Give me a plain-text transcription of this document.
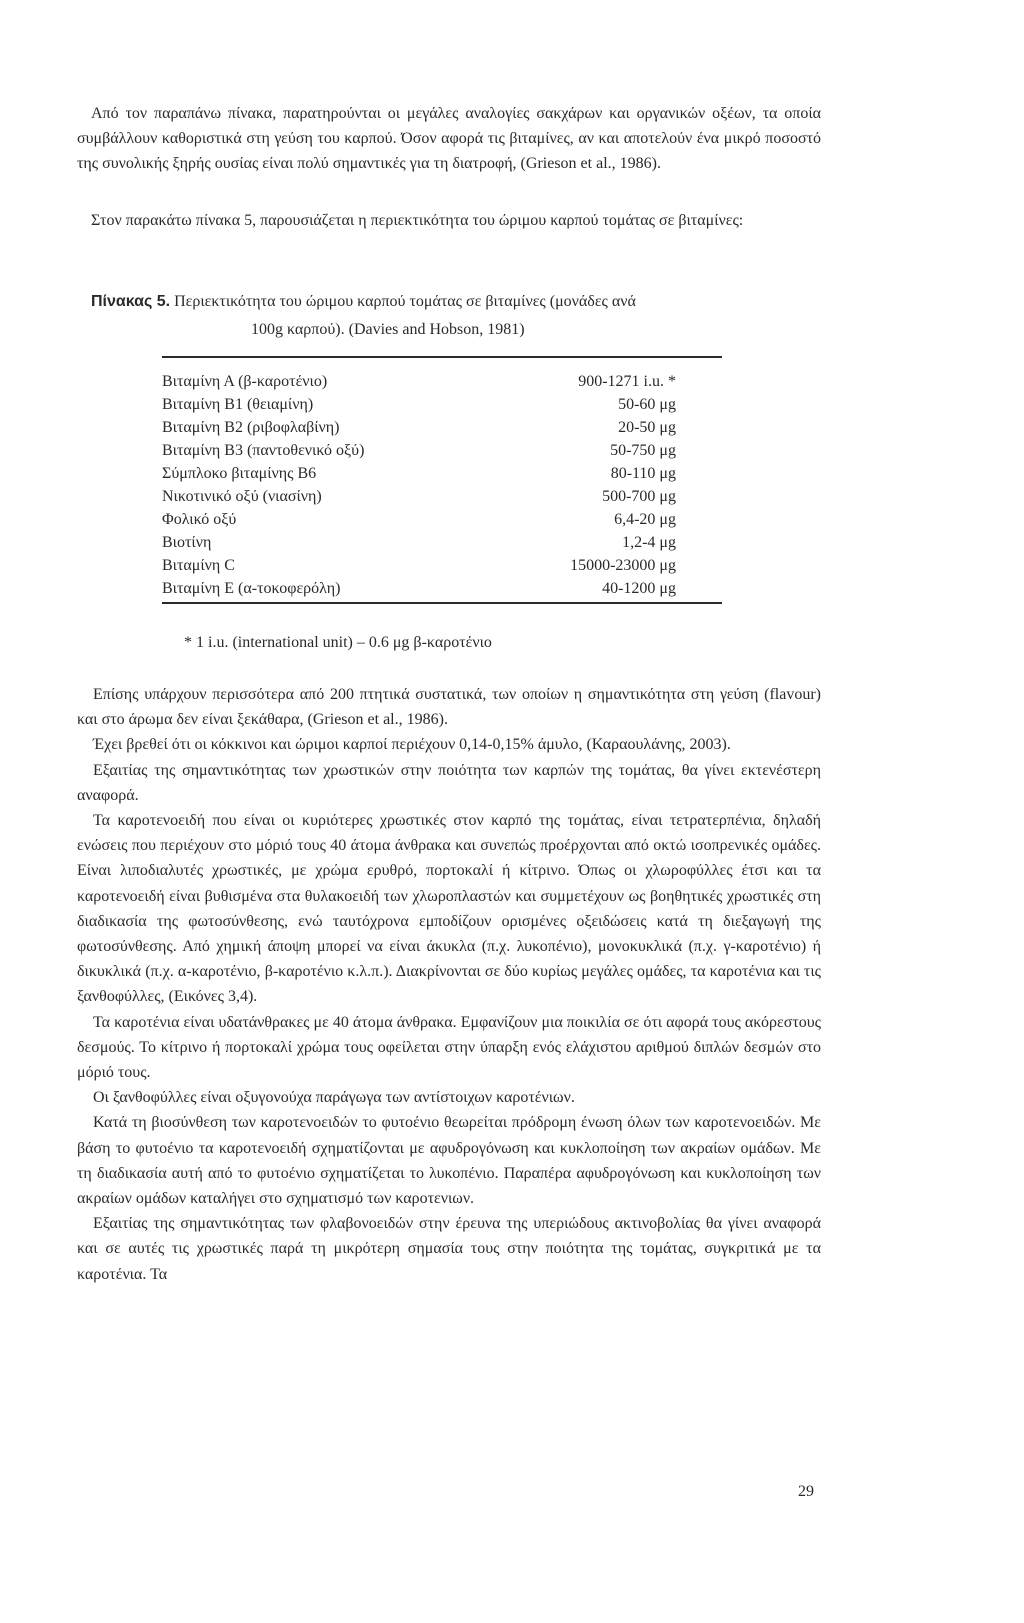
Από τον παραπάνω πίνακα, παρατηρούνται οι μεγάλες αναλογίες σακχάρων και οργανικών οξέων, τα οποία συμβάλλουν καθοριστικά στη γεύση του καρπού. Όσον αφορά τις βιταμίνες, αν και αποτελούν ένα μικρό ποσοστό της συνολικής ξηρής ουσίας είναι πολύ σημαντικές για τη διατροφή, (Grieson et al., 1986).

Στον παρακάτω πίνακα 5, παρουσιάζεται η περιεκτικότητα του ώριμου καρπού τομάτας σε βιταμίνες:

Πίνακας 5. Περιεκτικότητα του ώριμου καρπού τομάτας σε βιταμίνες (μονάδες ανά
100g καρπού). (Davies and Hobson, 1981)

Βιταμίνη Α (β-καροτένιο)	900-1271 i.u. *
Βιταμίνη Β1 (θειαμίνη)	50-60 μg
Βιταμίνη Β2 (ριβοφλαβίνη)	20-50 μg
Βιταμίνη Β3 (παντοθενικό οξύ)	50-750 μg
Σύμπλοκο βιταμίνης Β6	80-110 μg
Νικοτινικό οξύ (νιασίνη)	500-700 μg
Φολικό οξύ	6,4-20 μg
Βιοτίνη	1,2-4 μg
Βιταμίνη C	15000-23000 μg
Βιταμίνη Ε (α-τοκοφερόλη)	40-1200 μg

* 1 i.u. (international unit) – 0.6 μg β-καροτένιο

Επίσης υπάρχουν περισσότερα από 200 πτητικά συστατικά, των οποίων η σημαντικότητα στη γεύση (flavour) και στο άρωμα δεν είναι ξεκάθαρα, (Grieson et al., 1986).

Έχει βρεθεί ότι οι κόκκινοι και ώριμοι καρποί περιέχουν 0,14-0,15% άμυλο, (Καραουλάνης, 2003).

Εξαιτίας της σημαντικότητας των χρωστικών στην ποιότητα των καρπών της τομάτας, θα γίνει εκτενέστερη αναφορά.

Τα καροτενοειδή που είναι οι κυριότερες χρωστικές στον καρπό της τομάτας, είναι τετρατερπένια, δηλαδή ενώσεις που περιέχουν στο μόριό τους 40 άτομα άνθρακα και συνεπώς προέρχονται από οκτώ ισοπρενικές ομάδες. Είναι λιποδιαλυτές χρωστικές, με χρώμα ερυθρό, πορτοκαλί ή κίτρινο. Όπως οι χλωροφύλλες έτσι και τα καροτενοειδή είναι βυθισμένα στα θυλακοειδή των χλωροπλαστών και συμμετέχουν ως βοηθητικές χρωστικές στη διαδικασία της φωτοσύνθεσης, ενώ ταυτόχρονα εμποδίζουν ορισμένες οξειδώσεις κατά τη διεξαγωγή της φωτοσύνθεσης. Από χημική άποψη μπορεί να είναι άκυκλα (π.χ. λυκοπένιο), μονοκυκλικά (π.χ. γ-καροτένιο) ή δικυκλικά (π.χ. α-καροτένιο, β-καροτένιο κ.λ.π.). Διακρίνονται σε δύο κυρίως μεγάλες ομάδες, τα καροτένια και τις ξανθοφύλλες, (Εικόνες 3,4).

Τα καροτένια είναι υδατάνθρακες με 40 άτομα άνθρακα. Εμφανίζουν μια ποικιλία σε ότι αφορά τους ακόρεστους δεσμούς. Το κίτρινο ή πορτοκαλί χρώμα τους οφείλεται στην ύπαρξη ενός ελάχιστου αριθμού διπλών δεσμών στο μόριό τους.

Οι ξανθοφύλλες είναι οξυγονούχα παράγωγα των αντίστοιχων καροτένιων.

Κατά τη βιοσύνθεση των καροτενοειδών το φυτοένιο θεωρείται πρόδρομη ένωση όλων των καροτενοειδών. Με βάση το φυτοένιο τα καροτενοειδή σχηματίζονται με αφυδρογόνωση και κυκλοποίηση των ακραίων ομάδων. Με τη διαδικασία αυτή από το φυτοένιο σχηματίζεται το λυκοπένιο. Παραπέρα αφυδρογόνωση και κυκλοποίηση των ακραίων ομάδων καταλήγει στο σχηματισμό των καροτενιων.

Εξαιτίας της σημαντικότητας των φλαβονοειδών στην έρευνα της υπεριώδους ακτινοβολίας θα γίνει αναφορά και σε αυτές τις χρωστικές παρά τη μικρότερη σημασία τους στην ποιότητα της τομάτας, συγκριτικά με τα καροτένια. Τα

29
